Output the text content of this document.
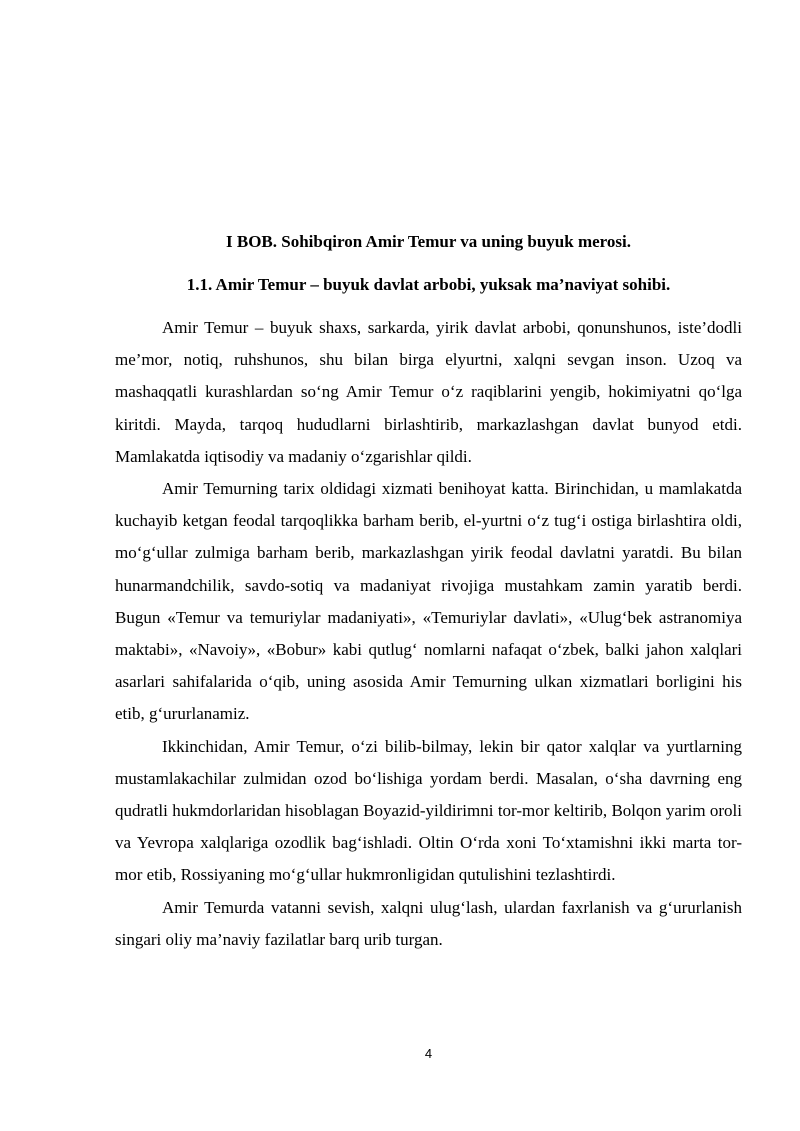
I BOB. Sohibqiron Amir Temur va uning buyuk merosi.
1.1. Amir Temur – buyuk davlat arbobi, yuksak ma’naviyat sohibi.

Amir Temur – buyuk shaxs, sarkarda, yirik davlat arbobi, qonunshunos, iste’dodli me’mor, notiq, ruhshunos, shu bilan birga elyurtni, xalqni sevgan inson. Uzoq va mashaqqatli kurashlardan so‘ng Amir Temur o‘z raqiblarini yengib, hokimiyatni qo‘lga kiritdi. Mayda, tarqoq hududlarni birlashtirib, markazlashgan davlat bunyod etdi. Mamlakatda iqtisodiy va madaniy o‘zgarishlar qildi.

Amir Temurning tarix oldidagi xizmati benihoyat katta. Birinchidan, u mamlakatda kuchayib ketgan feodal tarqoqlikka barham berib, el-yurtni o‘z tug‘i ostiga birlashtira oldi, mo‘g‘ullar zulmiga barham berib, markazlashgan yirik feodal davlatni yaratdi. Bu bilan hunarmandchilik, savdo-sotiq va madaniyat rivojiga mustahkam zamin yaratib berdi. Bugun «Temur va temuriylar madaniyati», «Temuriylar davlati», «Ulug‘bek astranomiya maktabi», «Navoiy», «Bobur» kabi qutlug‘ nomlarni nafaqat o‘zbek, balki jahon xalqlari asarlari sahifalarida o‘qib, uning asosida Amir Temurning ulkan xizmatlari borligini his etib, g‘ururlanamiz.

Ikkinchidan, Amir Temur, o‘zi bilib-bilmay, lekin bir qator xalqlar va yurtlarning mustamlakachilar zulmidan ozod bo‘lishiga yordam berdi. Masalan, o‘sha davrning eng qudratli hukmdorlaridan hisoblagan Boyazid-yildirimni tor-mor keltirib, Bolqon yarim oroli va Yevropa xalqlariga ozodlik bag‘ishladi. Oltin O‘rda xoni To‘xtamishni ikki marta tor-mor etib, Rossiyaning mo‘g‘ullar hukmronligidan qutulishini tezlashtirdi.

Amir Temurda vatanni sevish, xalqni ulug‘lash, ulardan faxrlanish va g‘ururlanish singari oliy ma’naviy fazilatlar barq urib turgan.

4
